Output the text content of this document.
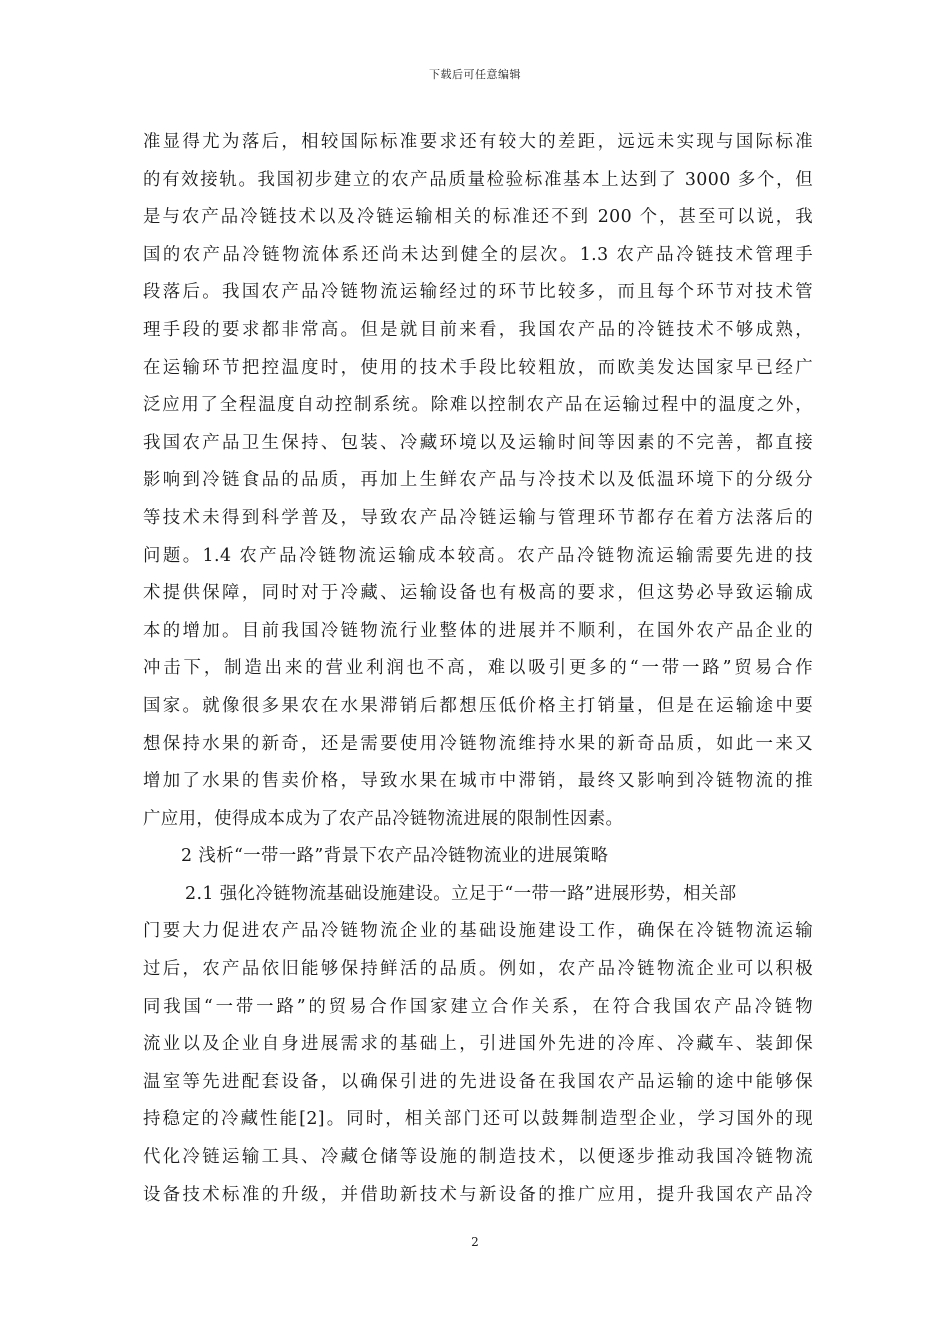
下载后可任意编辑
准显得尤为落后，相较国际标准要求还有较大的差距，远远未实现与国际标准
的有效接轨。我国初步建立的农产品质量检验标准基本上达到了 3000 多个，但
是与农产品冷链技术以及冷链运输相关的标准还不到 200 个，甚至可以说，我
国的农产品冷链物流体系还尚未达到健全的层次。1.3 农产品冷链技术管理手
段落后。我国农产品冷链物流运输经过的环节比较多，而且每个环节对技术管
理手段的要求都非常高。但是就目前来看，我国农产品的冷链技术不够成熟，
在运输环节把控温度时，使用的技术手段比较粗放，而欧美发达国家早已经广
泛应用了全程温度自动控制系统。除难以控制农产品在运输过程中的温度之外，
我国农产品卫生保持、包装、冷藏环境以及运输时间等因素的不完善，都直接
影响到冷链食品的品质，再加上生鲜农产品与冷技术以及低温环境下的分级分
等技术未得到科学普及，导致农产品冷链运输与管理环节都存在着方法落后的
问题。1.4 农产品冷链物流运输成本较高。农产品冷链物流运输需要先进的技
术提供保障，同时对于冷藏、运输设备也有极高的要求，但这势必导致运输成
本的增加。目前我国冷链物流行业整体的进展并不顺利，在国外农产品企业的
冲击下，制造出来的营业利润也不高，难以吸引更多的“一带一路”贸易合作
国家。就像很多果农在水果滞销后都想压低价格主打销量，但是在运输途中要
想保持水果的新奇，还是需要使用冷链物流维持水果的新奇品质，如此一来又
增加了水果的售卖价格，导致水果在城市中滞销，最终又影响到冷链物流的推
广应用，使得成本成为了农产品冷链物流进展的限制性因素。
2 浅析“一带一路”背景下农产品冷链物流业的进展策略
2.1 强化冷链物流基础设施建设。立足于“一带一路”进展形势，相关部
门要大力促进农产品冷链物流企业的基础设施建设工作，确保在冷链物流运输
过后，农产品依旧能够保持鲜活的品质。例如，农产品冷链物流企业可以积极
同我国“一带一路”的贸易合作国家建立合作关系，在符合我国农产品冷链物
流业以及企业自身进展需求的基础上，引进国外先进的冷库、冷藏车、装卸保
温室等先进配套设备，以确保引进的先进设备在我国农产品运输的途中能够保
持稳定的冷藏性能[2]。同时，相关部门还可以鼓舞制造型企业，学习国外的现
代化冷链运输工具、冷藏仓储等设施的制造技术，以便逐步推动我国冷链物流
设备技术标准的升级，并借助新技术与新设备的推广应用，提升我国农产品冷
2
